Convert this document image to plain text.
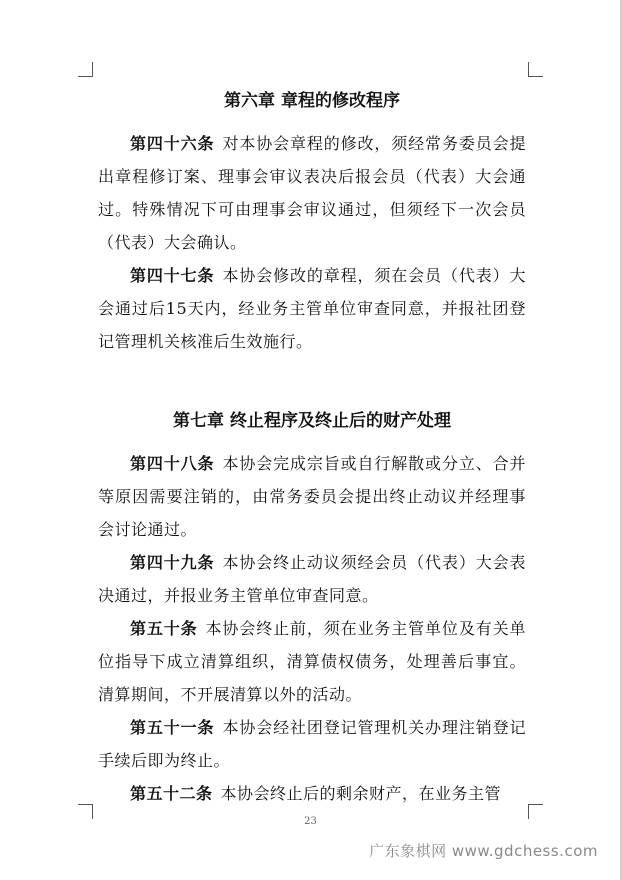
第六章 章程的修改程序

第四十六条 对本协会章程的修改，须经常务委员会提出章程修订案、理事会审议表决后报会员（代表）大会通过。特殊情况下可由理事会审议通过，但须经下一次会员（代表）大会确认。

第四十七条 本协会修改的章程，须在会员（代表）大会通过后15天内，经业务主管单位审查同意，并报社团登记管理机关核准后生效施行。

第七章 终止程序及终止后的财产处理

第四十八条 本协会完成宗旨或自行解散或分立、合并等原因需要注销的，由常务委员会提出终止动议并经理事会讨论通过。

第四十九条 本协会终止动议须经会员（代表）大会表决通过，并报业务主管单位审查同意。

第五十条 本协会终止前，须在业务主管单位及有关单位指导下成立清算组织，清算债权债务，处理善后事宜。清算期间，不开展清算以外的活动。

第五十一条 本协会经社团登记管理机关办理注销登记手续后即为终止。

第五十二条 本协会终止后的剩余财产，在业务主管

23
广东象棋网 www.gdchess.com
